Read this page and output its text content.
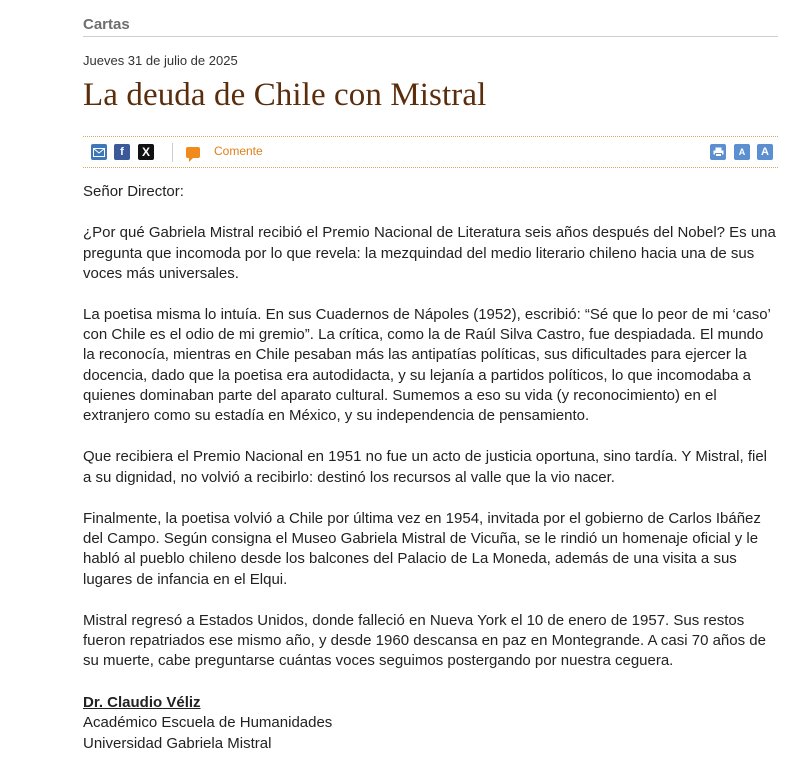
Cartas
Jueves 31 de julio de 2025
La deuda de Chile con Mistral
f	X	Comente	A	A

Señor Director:

¿Por qué Gabriela Mistral recibió el Premio Nacional de Literatura seis años después del Nobel? Es una pregunta que incomoda por lo que revela: la mezquindad del medio literario chileno hacia una de sus voces más universales.

La poetisa misma lo intuía. En sus Cuadernos de Nápoles (1952), escribió: “Sé que lo peor de mi ‘caso’ con Chile es el odio de mi gremio”. La crítica, como la de Raúl Silva Castro, fue despiadada. El mundo la reconocía, mientras en Chile pesaban más las antipatías políticas, sus dificultades para ejercer la docencia, dado que la poetisa era autodidacta, y su lejanía a partidos políticos, lo que incomodaba a quienes dominaban parte del aparato cultural. Sumemos a eso su vida (y reconocimiento) en el extranjero como su estadía en México, y su independencia de pensamiento.

Que recibiera el Premio Nacional en 1951 no fue un acto de justicia oportuna, sino tardía. Y Mistral, fiel a su dignidad, no volvió a recibirlo: destinó los recursos al valle que la vio nacer.

Finalmente, la poetisa volvió a Chile por última vez en 1954, invitada por el gobierno de Carlos Ibáñez del Campo. Según consigna el Museo Gabriela Mistral de Vicuña, se le rindió un homenaje oficial y le habló al pueblo chileno desde los balcones del Palacio de La Moneda, además de una visita a sus lugares de infancia en el Elqui.

Mistral regresó a Estados Unidos, donde falleció en Nueva York el 10 de enero de 1957. Sus restos fueron repatriados ese mismo año, y desde 1960 descansa en paz en Montegrande. A casi 70 años de su muerte, cabe preguntarse cuántas voces seguimos postergando por nuestra ceguera.

Dr. Claudio Véliz
Académico Escuela de Humanidades
Universidad Gabriela Mistral
